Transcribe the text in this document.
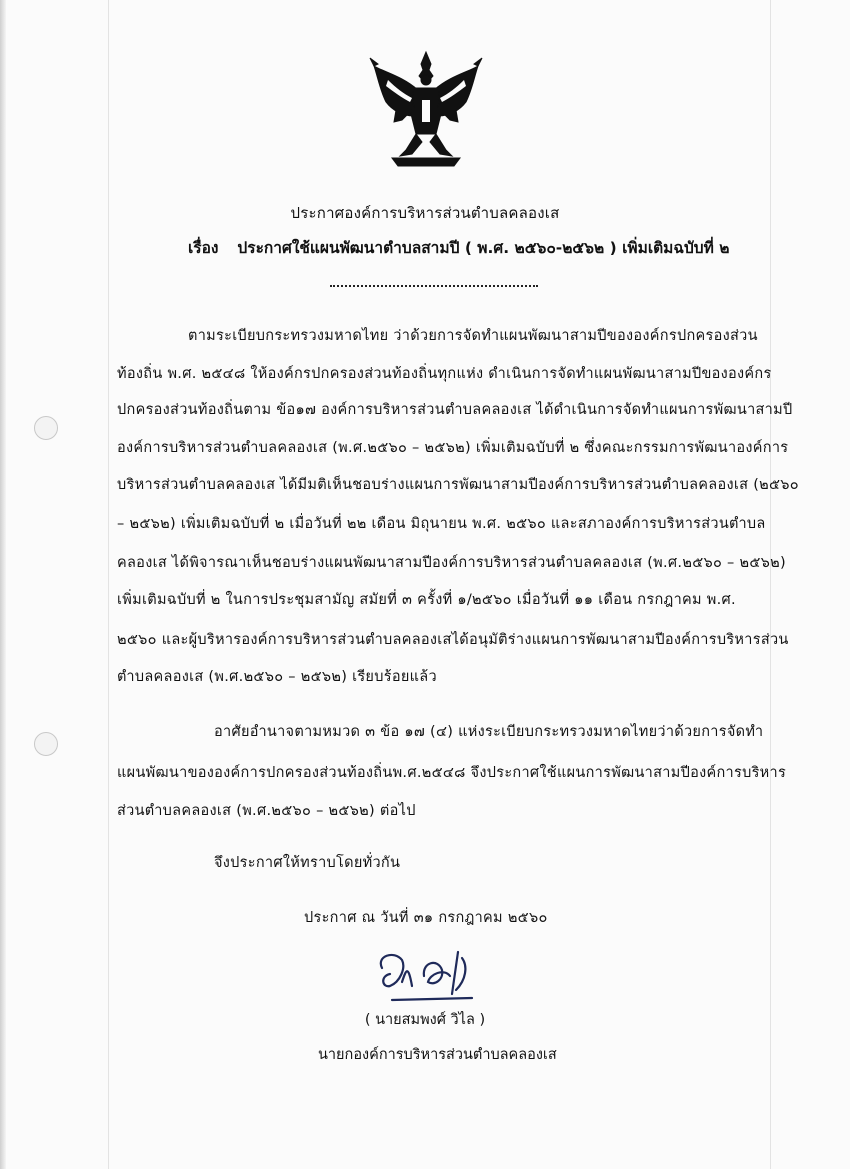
ประกาศองค์การบริหารส่วนตำบลคลองเส
เรื่อง ประกาศใช้แผนพัฒนาตำบลสามปี ( พ.ศ. ๒๕๖๐-๒๕๖๒ ) เพิ่มเติมฉบับที่ ๒
ตามระเบียบกระทรวงมหาดไทย ว่าด้วยการจัดทำแผนพัฒนาสามปีขององค์กรปกครองส่วน
ท้องถิ่น พ.ศ. ๒๕๔๘ ให้องค์กรปกครองส่วนท้องถิ่นทุกแห่ง ดำเนินการจัดทำแผนพัฒนาสามปีขององค์กร
ปกครองส่วนท้องถิ่นตาม ข้อ๑๗ องค์การบริหารส่วนตำบลคลองเส ได้ดำเนินการจัดทำแผนการพัฒนาสามปี
องค์การบริหารส่วนตำบลคลองเส (พ.ศ.๒๕๖๐ – ๒๕๖๒) เพิ่มเติมฉบับที่ ๒ ซึ่งคณะกรรมการพัฒนาองค์การ
บริหารส่วนตำบลคลองเส ได้มีมติเห็นชอบร่างแผนการพัฒนาสามปีองค์การบริหารส่วนตำบลคลองเส (๒๕๖๐
– ๒๕๖๒) เพิ่มเติมฉบับที่ ๒ เมื่อวันที่ ๒๒ เดือน มิถุนายน พ.ศ. ๒๕๖๐ และสภาองค์การบริหารส่วนตำบล
คลองเส ได้พิจารณาเห็นชอบร่างแผนพัฒนาสามปีองค์การบริหารส่วนตำบลคลองเส (พ.ศ.๒๕๖๐ – ๒๕๖๒)
เพิ่มเติมฉบับที่ ๒ ในการประชุมสามัญ สมัยที่ ๓ ครั้งที่ ๑/๒๕๖๐ เมื่อวันที่ ๑๑ เดือน กรกฎาคม พ.ศ.
๒๕๖๐ และผู้บริหารองค์การบริหารส่วนตำบลคลองเสได้อนุมัติร่างแผนการพัฒนาสามปีองค์การบริหารส่วน
ตำบลคลองเส (พ.ศ.๒๕๖๐ – ๒๕๖๒) เรียบร้อยแล้ว
อาศัยอำนาจตามหมวด ๓ ข้อ ๑๗ (๔) แห่งระเบียบกระทรวงมหาดไทยว่าด้วยการจัดทำ
แผนพัฒนาขององค์การปกครองส่วนท้องถิ่นพ.ศ.๒๕๔๘ จึงประกาศใช้แผนการพัฒนาสามปีองค์การบริหาร
ส่วนตำบลคลองเส (พ.ศ.๒๕๖๐ – ๒๕๖๒) ต่อไป
จึงประกาศให้ทราบโดยทั่วกัน
ประกาศ ณ วันที่ ๓๑ กรกฎาคม ๒๕๖๐
( นายสมพงศ์ วิไล )
นายกองค์การบริหารส่วนตำบลคลองเส
